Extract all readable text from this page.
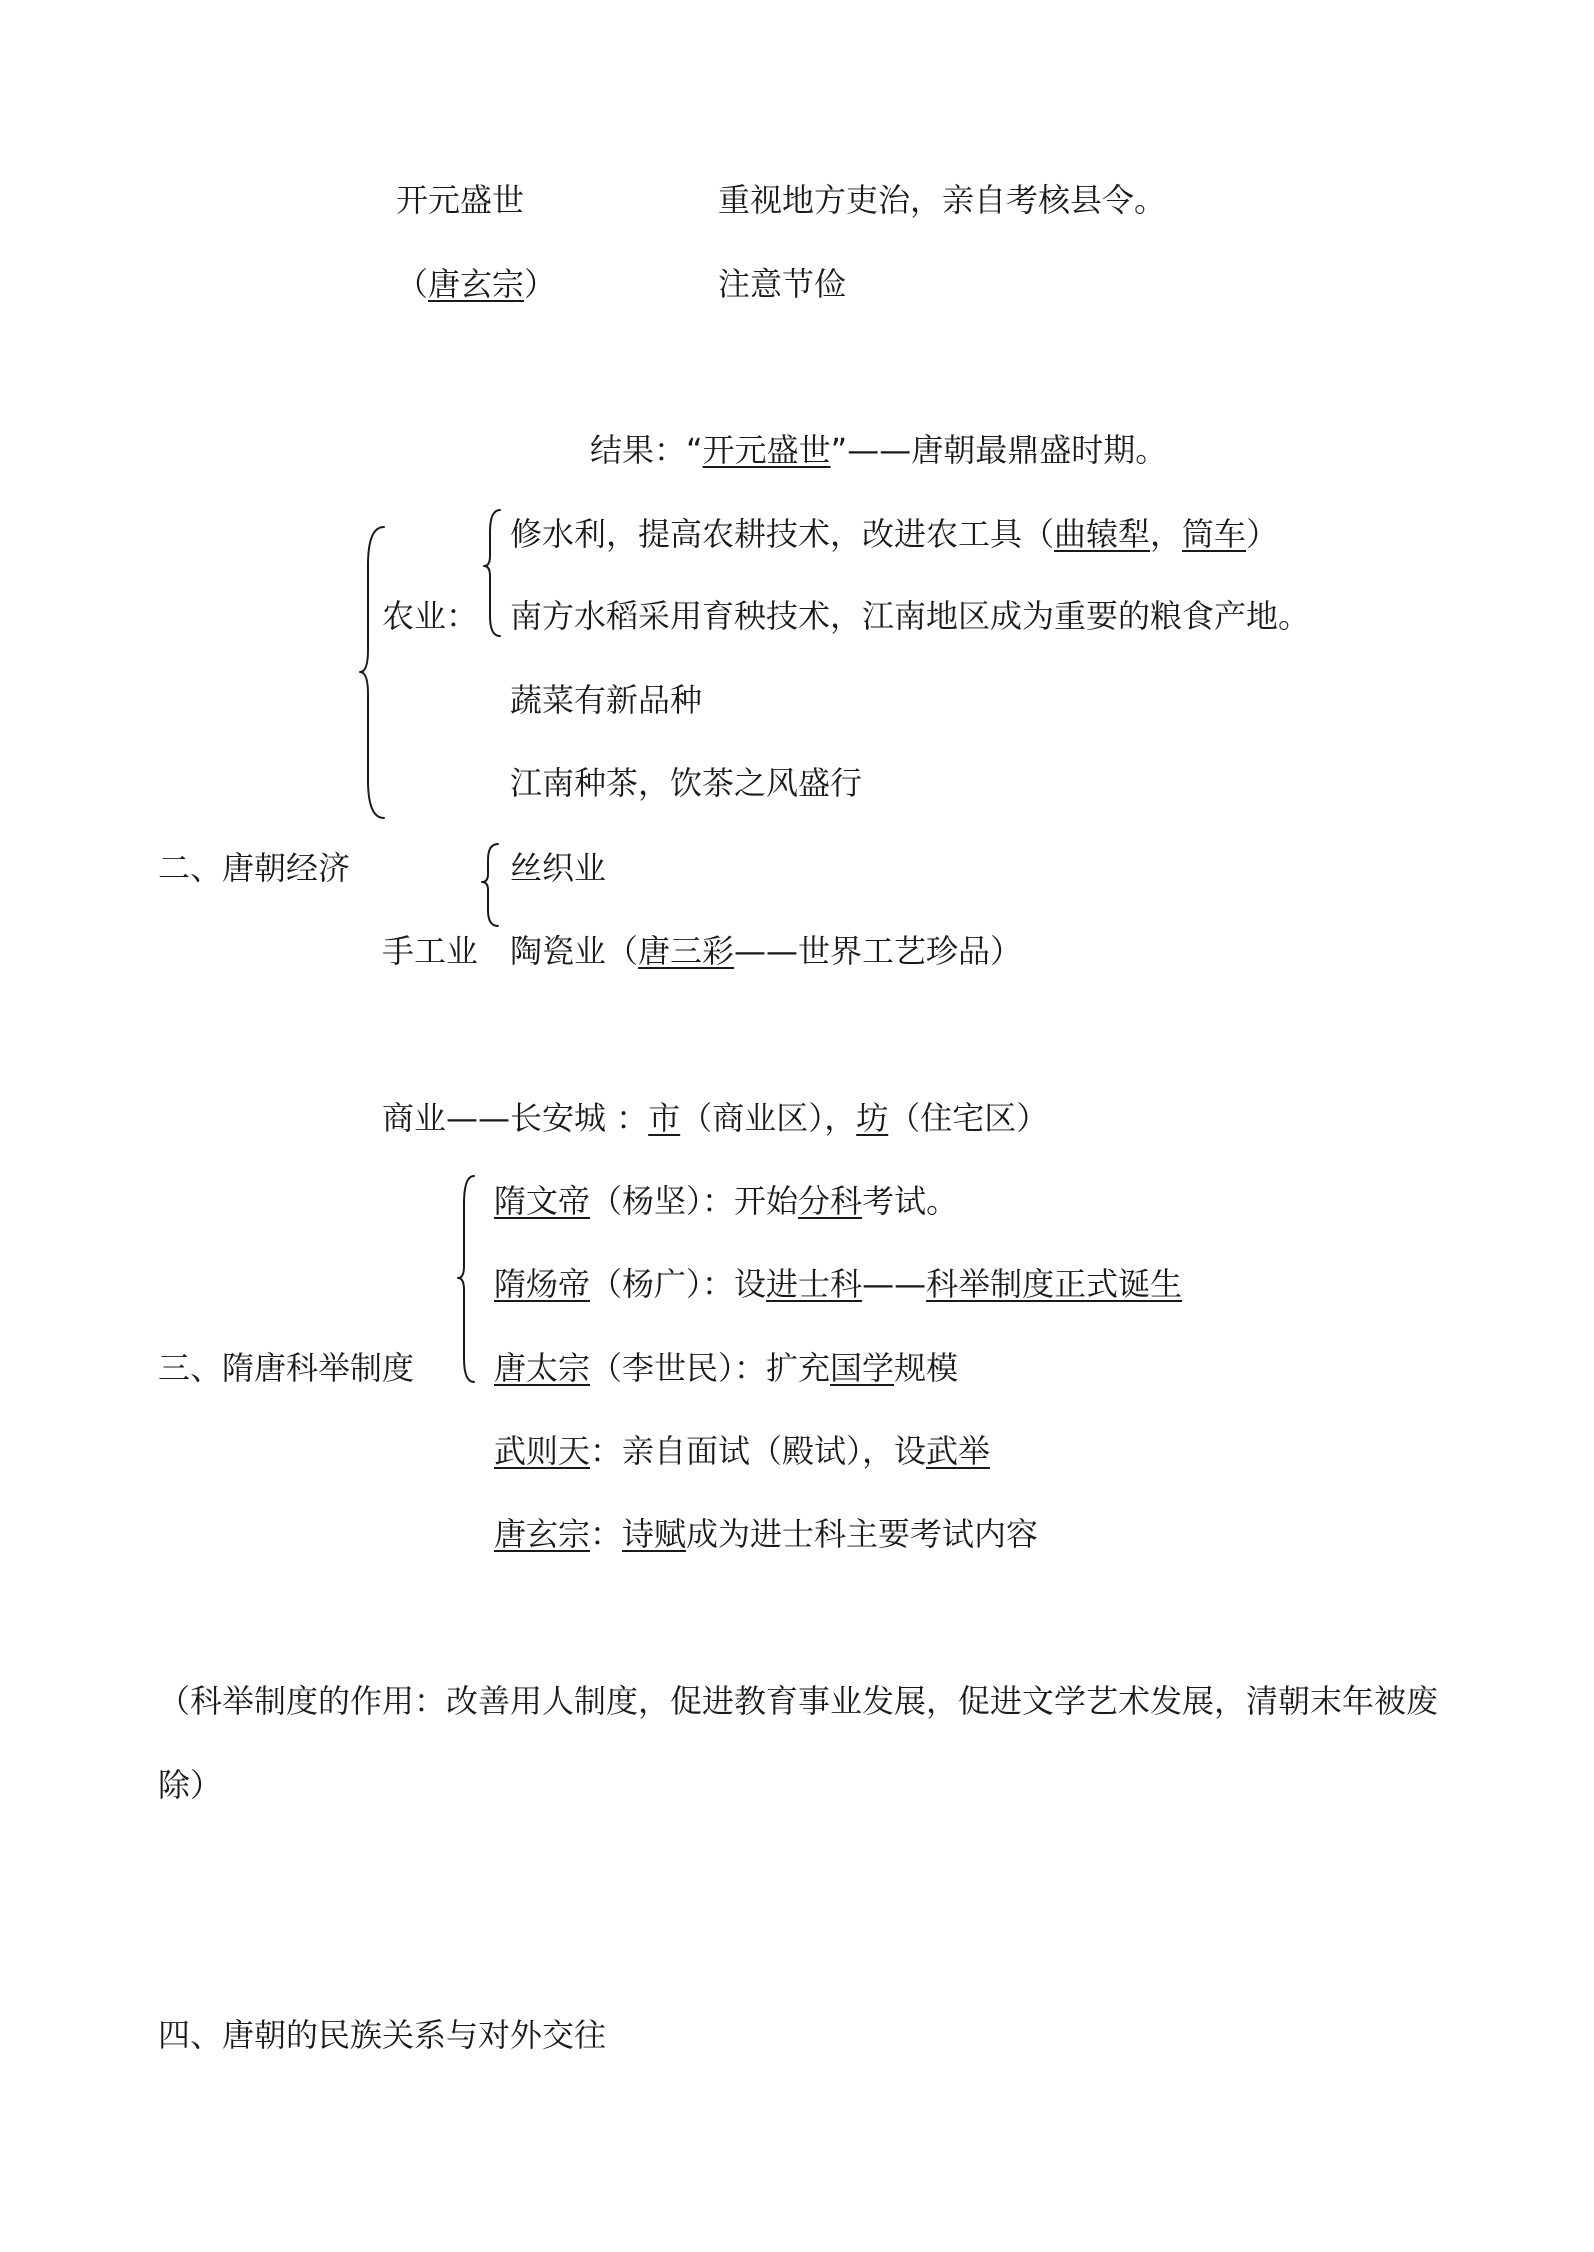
开元盛世	重视地方吏治，亲自考核县令。
（唐玄宗）	注意节俭
结果：“开元盛世”——唐朝最鼎盛时期。
二、唐朝经济
农业：
修水利，提高农耕技术，改进农工具（曲辕犁，筒车）
南方水稻采用育秧技术，江南地区成为重要的粮食产地。
蔬菜有新品种
江南种茶，饮茶之风盛行
丝织业
手工业 陶瓷业（唐三彩——世界工艺珍品）
商业——长安城 ：市（商业区），坊（住宅区）
三、隋唐科举制度
隋文帝（杨坚）：开始分科考试。
隋炀帝（杨广）：设进士科——科举制度正式诞生
唐太宗（李世民）：扩充国学规模
武则天：亲自面试（殿试），设武举
唐玄宗：诗赋成为进士科主要考试内容
（科举制度的作用：改善用人制度，促进教育事业发展，促进文学艺术发展，清朝末年被废
除）
四、唐朝的民族关系与对外交往
